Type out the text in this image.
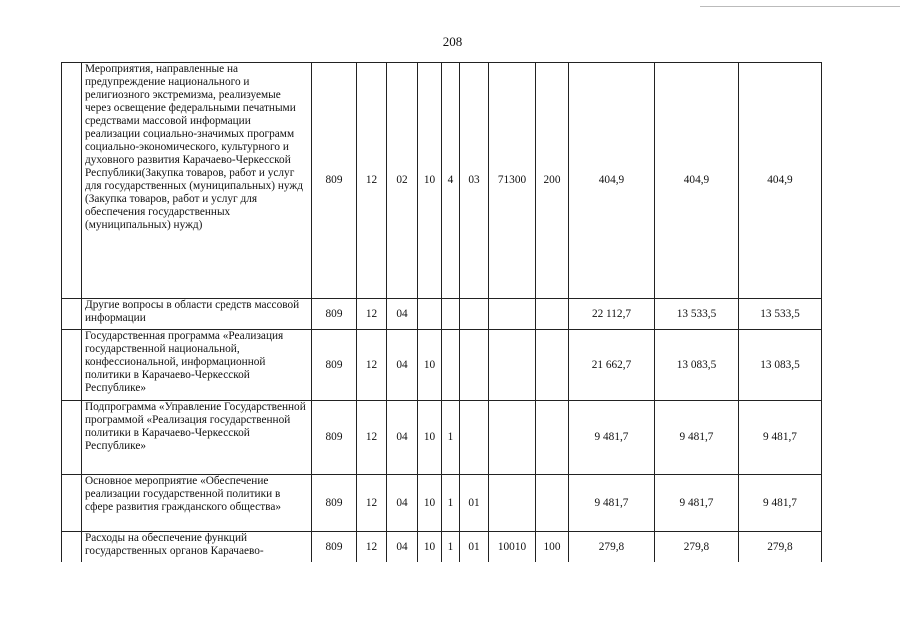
208
	Мероприятия, направленные на предупреждение национального и религиозного экстремизма, реализуемые через освещение федеральными печатными средствами массовой информации реализации социально-значимых программ социально-экономического, культурного и духовного развития Карачаево-Черкесской Республики(Закупка товаров, работ и услуг для государственных (муниципальных) нужд (Закупка товаров, работ и услуг для обеспечения государственных (муниципальных) нужд)	809	12	02	10	4	03	71300	200	404,9	404,9	404,9
	Другие вопросы в области средств массовой информации	809	12	04						22 112,7	13 533,5	13 533,5
	Государственная программа «Реализация государственной национальной, конфессиональной, информационной политики в Карачаево-Черкесской Республике»	809	12	04	10					21 662,7	13 083,5	13 083,5
	Подпрограмма «Управление Государственной программой «Реализация государственной политики в Карачаево-Черкесской Республике»	809	12	04	10	1				9 481,7	9 481,7	9 481,7
	Основное мероприятие «Обеспечение реализации государственной политики в сфере развития гражданского общества»	809	12	04	10	1	01			9 481,7	9 481,7	9 481,7
	Расходы на обеспечение функций государственных органов Карачаево-	809	12	04	10	1	01	10010	100	279,8	279,8	279,8
